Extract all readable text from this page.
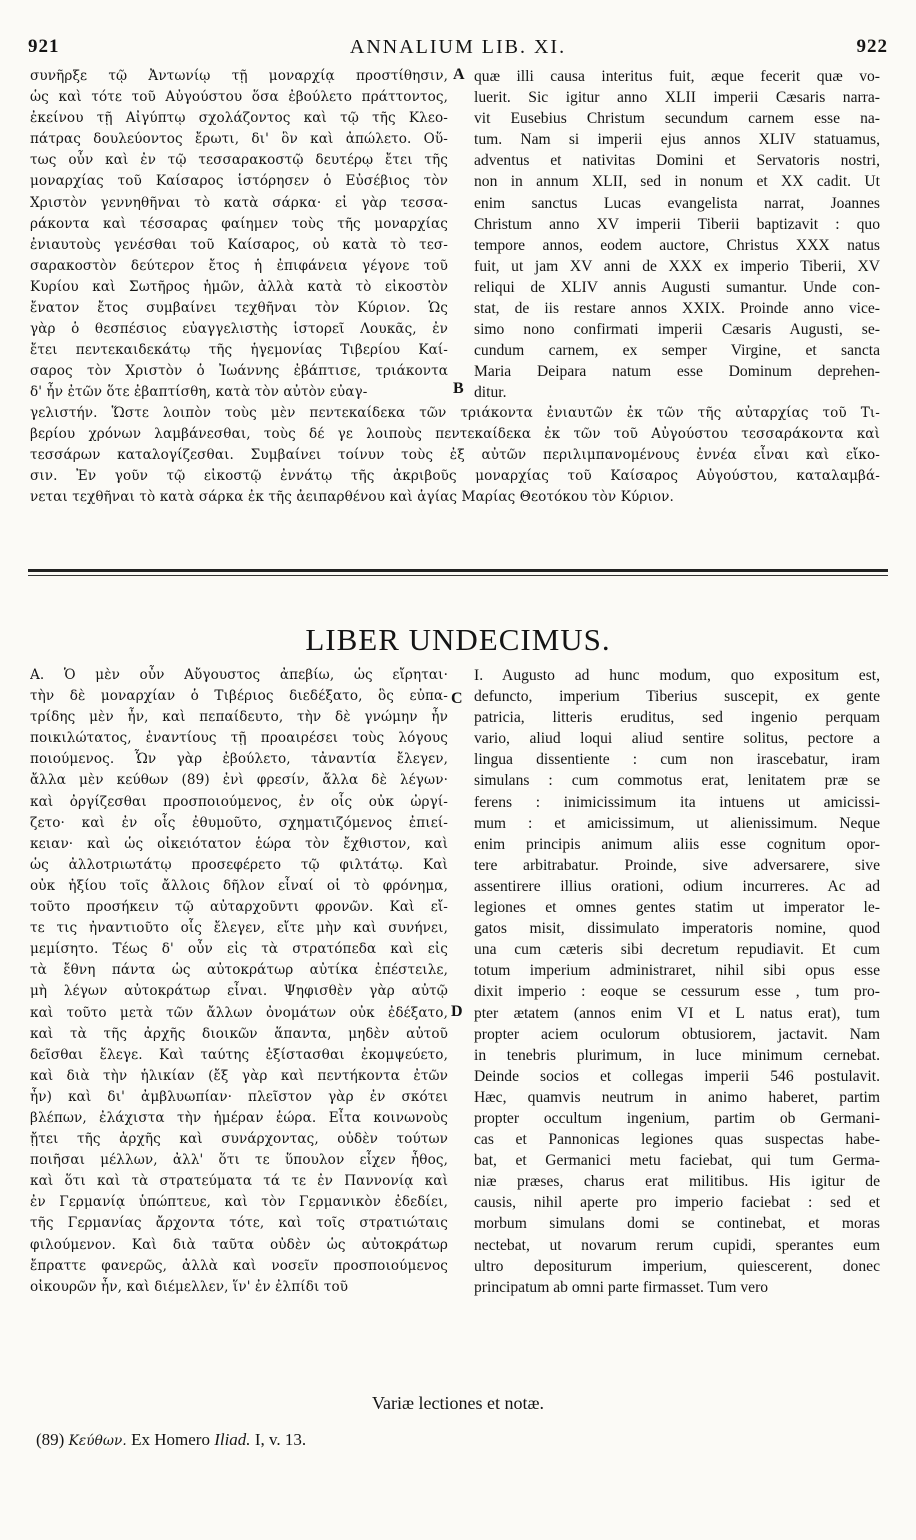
921	ANNALIUM LIB. XI.	922
συνῆρξε τῷ Ἀντωνίῳ τῇ μοναρχίᾳ προστίθησιν,
ὡς καὶ τότε τοῦ Αὐγούστου ὅσα ἐβούλετο πράττοντος,
ἐκείνου τῇ Αἰγύπτῳ σχολάζοντος καὶ τῷ τῆς Κλεο-
πάτρας δουλεύοντος ἔρωτι, δι' ὃν καὶ ἀπώλετο. Οὕ-
τως οὖν καὶ ἐν τῷ τεσσαρακοστῷ δευτέρῳ ἔτει τῆς
μοναρχίας τοῦ Καίσαρος ἱστόρησεν ὁ Εὐσέβιος τὸν
Χριστὸν γεννηθῆναι τὸ κατὰ σάρκα· εἰ γὰρ τεσσα-
ράκοντα καὶ τέσσαρας φαίημεν τοὺς τῆς μοναρχίας
ἐνιαυτοὺς γενέσθαι τοῦ Καίσαρος, οὐ κατὰ τὸ τεσ-
σαρακοστὸν δεύτερον ἔτος ἡ ἐπιφάνεια γέγονε τοῦ
Κυρίου καὶ Σωτῆρος ἡμῶν, ἀλλὰ κατὰ τὸ εἰκοστὸν
ἔνατον ἔτος συμβαίνει τεχθῆναι τὸν Κύριον. Ὡς
γὰρ ὁ θεσπέσιος εὐαγγελιστὴς ἱστορεῖ Λουκᾶς, ἐν
ἔτει πεντεκαιδεκάτῳ τῆς ἡγεμονίας Τιβερίου Καί-
σαρος τὸν Χριστὸν ὁ Ἰωάννης ἐβάπτισε, τριάκοντα
δ' ἦν ἐτῶν ὅτε ἐβαπτίσθη, κατὰ τὸν αὐτὸν εὐαγ-
quæ illi causa interitus fuit, æque fecerit quæ vo-
luerit. Sic igitur anno XLII imperii Cæsaris narra-
vit Eusebius Christum secundum carnem esse na-
tum. Nam si imperii ejus annos XLIV statuamus,
adventus et nativitas Domini et Servatoris nostri,
non in annum XLII, sed in nonum et XX cadit. Ut
enim sanctus Lucas evangelista narrat, Joannes
Christum anno XV imperii Tiberii baptizavit : quo
tempore annos, eodem auctore, Christus XXX natus
fuit, ut jam XV anni de XXX ex imperio Tiberii, XV
reliqui de XLIV annis Augusti sumantur. Unde con-
stat, de iis restare annos XXIX. Proinde anno vice-
simo nono confirmati imperii Cæsaris Augusti, se-
cundum carnem, ex semper Virgine, et sancta
Maria Deipara natum esse Dominum deprehen-
ditur.
A
B
γελιστήν. Ὥστε λοιπὸν τοὺς μὲν πεντεκαίδεκα τῶν τριάκοντα ἐνιαυτῶν ἐκ τῶν τῆς αὐταρχίας τοῦ Τι-
βερίου χρόνων λαμβάνεσθαι, τοὺς δέ γε λοιποὺς πεντεκαίδεκα ἐκ τῶν τοῦ Αὐγούστου τεσσαράκοντα καὶ
τεσσάρων καταλογίζεσθαι. Συμβαίνει τοίνυν τοὺς ἐξ αὐτῶν περιλιμπανομένους ἐννέα εἶναι καὶ εἴκο-
σιν. Ἐν γοῦν τῷ εἰκοστῷ ἐννάτῳ τῆς ἀκριβοῦς μοναρχίας τοῦ Καίσαρος Αὐγούστου, καταλαμβά-
νεται τεχθῆναι τὸ κατὰ σάρκα ἐκ τῆς ἀειπαρθένου καὶ ἁγίας Μαρίας Θεοτόκου τὸν Κύριον.
LIBER UNDECIMUS.
A. Ὁ μὲν οὖν Αὔγουστος ἀπεβίω, ὡς εἴρηται·
τὴν δὲ μοναρχίαν ὁ Τιβέριος διεδέξατο, ὃς εὐπα-
τρίδης μὲν ἦν, καὶ πεπαίδευτο, τὴν δὲ γνώμην ἦν
ποικιλώτατος, ἐναντίους τῇ προαιρέσει τοὺς λόγους
ποιούμενος. Ὧν γὰρ ἐβούλετο, τἀναντία ἔλεγεν,
ἄλλα μὲν κεύθων (89) ἐνὶ φρεσίν, ἄλλα δὲ λέγων·
καὶ ὀργίζεσθαι προσποιούμενος, ἐν οἷς οὐκ ὠργί-
ζετο· καὶ ἐν οἷς ἐθυμοῦτο, σχηματιζόμενος ἐπιεί-
κειαν· καὶ ὡς οἰκειότατον ἑώρα τὸν ἔχθιστον, καὶ
ὡς ἀλλοτριωτάτῳ προσεφέρετο τῷ φιλτάτῳ. Καὶ
οὐκ ἠξίου τοῖς ἄλλοις δῆλον εἶναί οἱ τὸ φρόνημα,
τοῦτο προσήκειν τῷ αὐταρχοῦντι φρονῶν. Καὶ εἴ-
τε τις ἠναντιοῦτο οἷς ἔλεγεν, εἴτε μὴν καὶ συνήνει,
μεμίσητο. Τέως δ' οὖν εἰς τὰ στρατόπεδα καὶ εἰς
τὰ ἔθνη πάντα ὡς αὐτοκράτωρ αὐτίκα ἐπέστειλε,
μὴ λέγων αὐτοκράτωρ εἶναι. Ψηφισθὲν γὰρ αὐτῷ
καὶ τοῦτο μετὰ τῶν ἄλλων ὀνομάτων οὐκ ἐδέξατο,
καὶ τὰ τῆς ἀρχῆς διοικῶν ἅπαντα, μηδὲν αὐτοῦ
δεῖσθαι ἔλεγε. Καὶ ταύτης ἐξίστασθαι ἐκομψεύετο,
καὶ διὰ τὴν ἡλικίαν (ἔξ γὰρ καὶ πεντήκοντα ἐτῶν
ἦν) καὶ δι' ἀμβλυωπίαν· πλεῖστον γὰρ ἐν σκότει
βλέπων, ἐλάχιστα τὴν ἡμέραν ἑώρα. Εἶτα κοινωνοὺς
ᾔτει τῆς ἀρχῆς καὶ συνάρχοντας, οὐδὲν τούτων
ποιῆσαι μέλλων, ἀλλ' ὅτι τε ὕπουλον εἶχεν ἦθος,
καὶ ὅτι καὶ τὰ στρατεύματα τά τε ἐν Παννονίᾳ καὶ
ἐν Γερμανίᾳ ὑπώπτευε, καὶ τὸν Γερμανικὸν ἐδεδίει,
τῆς Γερμανίας ἄρχοντα τότε, καὶ τοῖς στρατιώταις
φιλούμενον. Καὶ διὰ ταῦτα οὐδὲν ὡς αὐτοκράτωρ
ἔπραττε φανερῶς, ἀλλὰ καὶ νοσεῖν προσποιούμενος
οἰκουρῶν ἦν, καὶ διέμελλεν, ἵν' ἐν ἐλπίδι τοῦ
I. Augusto ad hunc modum, quo expositum est,
defuncto, imperium Tiberius suscepit, ex gente
patricia, litteris eruditus, sed ingenio perquam
vario, aliud loqui aliud sentire solitus, pectore a
lingua dissentiente : cum non irascebatur, iram
simulans : cum commotus erat, lenitatem præ se
ferens : inimicissimum ita intuens ut amicissi-
mum : et amicissimum, ut alienissimum. Neque
enim principis animum aliis esse cognitum opor-
tere arbitrabatur. Proinde, sive adversarere, sive
assentirere illius orationi, odium incurreres. Ac ad
legiones et omnes gentes statim ut imperator le-
gatos misit, dissimulato imperatoris nomine, quod
una cum cæteris sibi decretum repudiavit. Et cum
totum imperium administraret, nihil sibi opus esse
dixit imperio : eoque se cessurum esse , tum pro-
pter ætatem (annos enim VI et L natus erat), tum
propter aciem oculorum obtusiorem, jactavit. Nam
in tenebris plurimum, in luce minimum cernebat.
Deinde socios et collegas imperii 546 postulavit.
Hæc, quamvis neutrum in animo haberet, partim
propter occultum ingenium, partim ob Germani-
cas et Pannonicas legiones quas suspectas habe-
bat, et Germanici metu faciebat, qui tum Germa-
niæ præses, charus erat militibus. His igitur de
causis, nihil aperte pro imperio faciebat : sed et
morbum simulans domi se continebat, et moras
nectebat, ut novarum rerum cupidi, sperantes eum
ultro depositurum imperium, quiescerent, donec
principatum ab omni parte firmasset. Tum vero
C
D
Variæ lectiones et notæ.
(89) Κεύθων. Ex Homero Iliad. I, v. 13.
